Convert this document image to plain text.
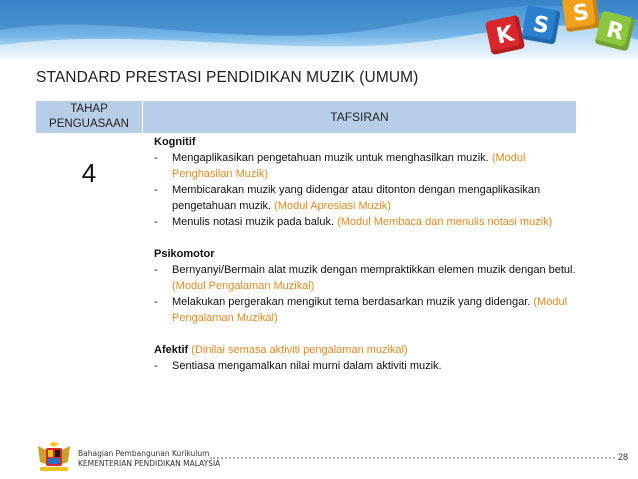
K S S
R
STANDARD PRESTASI PENDIDIKAN MUZIK (UMUM)
TAHAP PENGUASAAN	TAFSIRAN
4
Kognitif
- Mengaplikasikan pengetahuan muzik untuk menghasilkan muzik. (Modul Penghasilan Muzik)
- Membicarakan muzik yang didengar atau ditonton dengan mengaplikasikan pengetahuan muzik. (Modul Apresiasi Muzik)
- Menulis notasi muzik pada baluk. (Modul Membaca dan menulis notasi muzik)
Psikomotor
- Bernyanyi/Bermain alat muzik dengan mempraktikkan elemen muzik dengan betul. (Modul Pengalaman Muzikal)
- Melakukan pergerakan mengikut tema berdasarkan muzik yang didengar. (Modul Pengalaman Muzikal)
Afektif (Dinilai semasa aktiviti pengalaman muzikal)
- Sentiasa mengamalkan nilai murni dalam aktiviti muzik.
Bahagian Pembangunan Kurikulum
KEMENTERIAN PENDIDIKAN MALAYSIA
28
